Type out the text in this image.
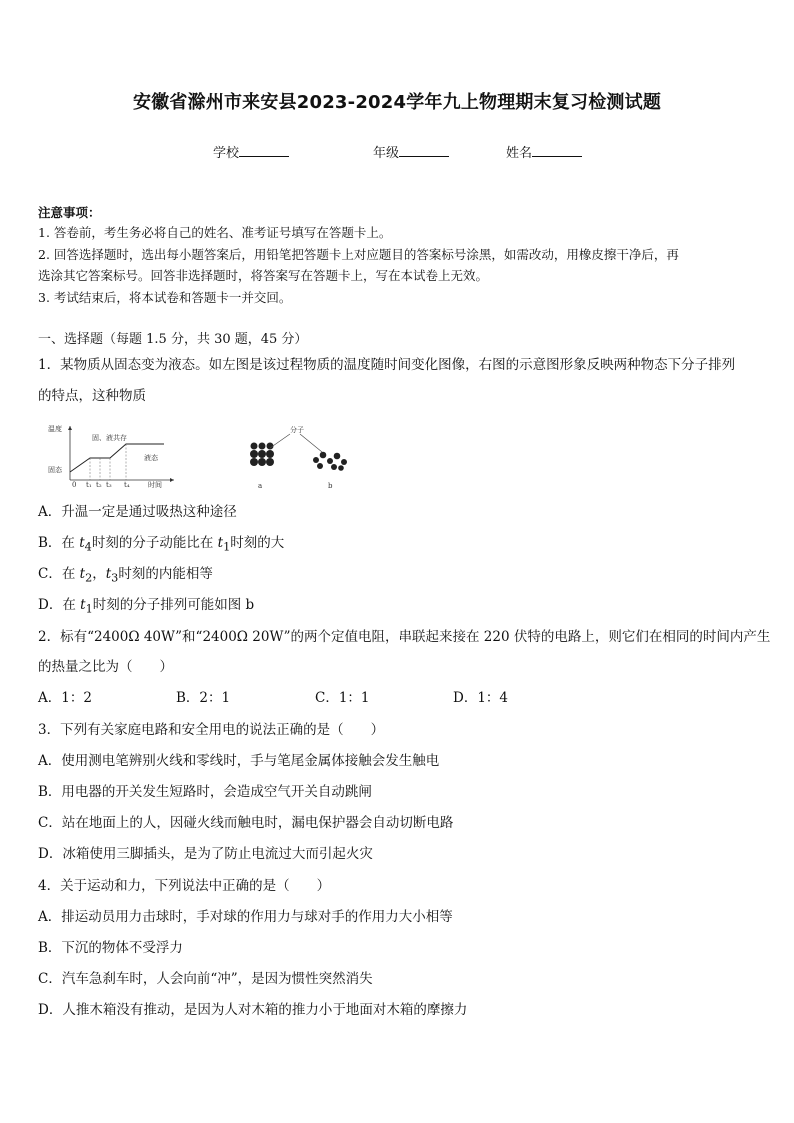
安徽省滁州市来安县2023-2024学年九上物理期末复习检测试题
学校	年级	姓名
注意事项：
1. 答卷前，考生务必将自己的姓名、准考证号填写在答题卡上。
2. 回答选择题时，选出每小题答案后，用铅笔把答题卡上对应题目的答案标号涂黑，如需改动，用橡皮擦干净后，再
选涂其它答案标号。回答非选择题时，将答案写在答题卡上，写在本试卷上无效。
3. 考试结束后，将本试卷和答题卡一并交回。
一、选择题（每题 1.5 分，共 30 题，45 分）
1．某物质从固态变为液态。如左图是该过程物质的温度随时间变化图像，右图的示意图形象反映两种物态下分子排列
的特点，这种物质
温度
固态
固、液共存
液态
0 t₁ t₂ t₃ t₄	时间
分子
a	b
A．升温一定是通过吸热这种途径
B．在 $t_4$时刻的分子动能比在 $t_1$时刻的大
C．在 $t_2$，$t_3$时刻的内能相等
D．在 $t_1$时刻的分子排列可能如图 b
2．标有“2400Ω 40W”和“2400Ω 20W”的两个定值电阻，串联起来接在 220 伏特的电路上，则它们在相同的时间内产生
的热量之比为（　　）
A．1：2	B．2：1	C．1：1	D．1：4
3．下列有关家庭电路和安全用电的说法正确的是（　　）
A．使用测电笔辨别火线和零线时，手与笔尾金属体接触会发生触电
B．用电器的开关发生短路时，会造成空气开关自动跳闸
C．站在地面上的人，因碰火线而触电时，漏电保护器会自动切断电路
D．冰箱使用三脚插头，是为了防止电流过大而引起火灾
4．关于运动和力，下列说法中正确的是（　　）
A．排运动员用力击球时，手对球的作用力与球对手的作用力大小相等
B．下沉的物体不受浮力
C．汽车急刹车时，人会向前“冲”，是因为惯性突然消失
D．人推木箱没有推动，是因为人对木箱的推力小于地面对木箱的摩擦力
